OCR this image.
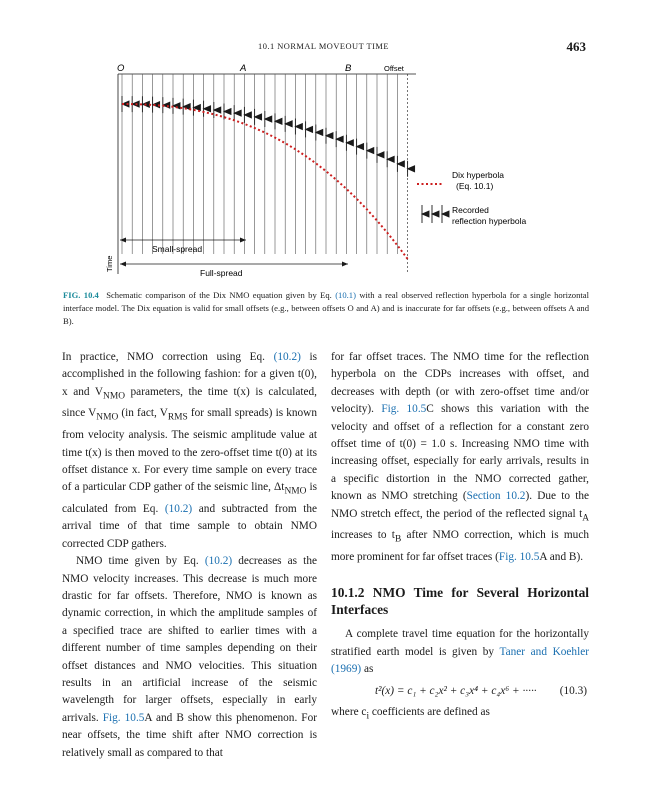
10.1 NORMAL MOVEOUT TIME	463
O	A	B	Offset
Time
Small-spread
Full-spread
Dix hyperbola
(Eq. 10.1)
Recorded
reflection hyperbola
FIG. 10.4 Schematic comparison of the Dix NMO equation given by Eq. (10.1) with a real observed reflection hyperbola for a single horizontal interface model. The Dix equation is valid for small offsets (e.g., between offsets O and A) and is inaccurate for far offsets (e.g., between offsets A and B).

In practice, NMO correction using Eq. (10.2) is accomplished in the following fashion: for a given t(0), x and $V_{NMO}$ parameters, the time t(x) is calculated, since $V_{NMO}$ (in fact, $V_{RMS}$ for small spreads) is known from velocity analysis. The seismic amplitude value at time t(x) is then moved to the zero-offset time t(0) at its offset distance x. For every time sample on every trace of a particular CDP gather of the seismic line, $\Delta t_{NMO}$ is calculated from Eq. (10.2) and subtracted from the arrival time of that time sample to obtain NMO corrected CDP gathers.

NMO time given by Eq. (10.2) decreases as the NMO velocity increases. This decrease is much more drastic for far offsets. Therefore, NMO is known as dynamic correction, in which the amplitude samples of a specified trace are shifted to earlier times with a different number of time samples depending on their offset distances and NMO velocities. This situation results in an artificial increase of the seismic wavelength for larger offsets, especially in early arrivals. Fig. 10.5A and B show this phenomenon. For near offsets, the time shift after NMO correction is relatively small as compared to that

for far offset traces. The NMO time for the reflection hyperbola on the CDPs increases with offset, and decreases with depth (or with zero-offset time and/or velocity). Fig. 10.5C shows this variation with the velocity and offset of a reflection for a constant zero offset time of t(0) = 1.0 s. Increasing NMO time with increasing offset, especially for early arrivals, results in a specific distortion in the NMO corrected gather, known as NMO stretching (Section 10.2). Due to the NMO stretch effect, the period of the reflected signal $t_A$ increases to $t_B$ after NMO correction, which is much more prominent for far offset traces (Fig. 10.5A and B).

10.1.2 NMO Time for Several Horizontal Interfaces

A complete travel time equation for the horizontally stratified earth model is given by Taner and Koehler (1969) as

t²(x) = c₁ + c₂x² + c₃x⁴ + c₄x⁶ + ····· (10.3)

where $c_i$ coefficients are defined as
